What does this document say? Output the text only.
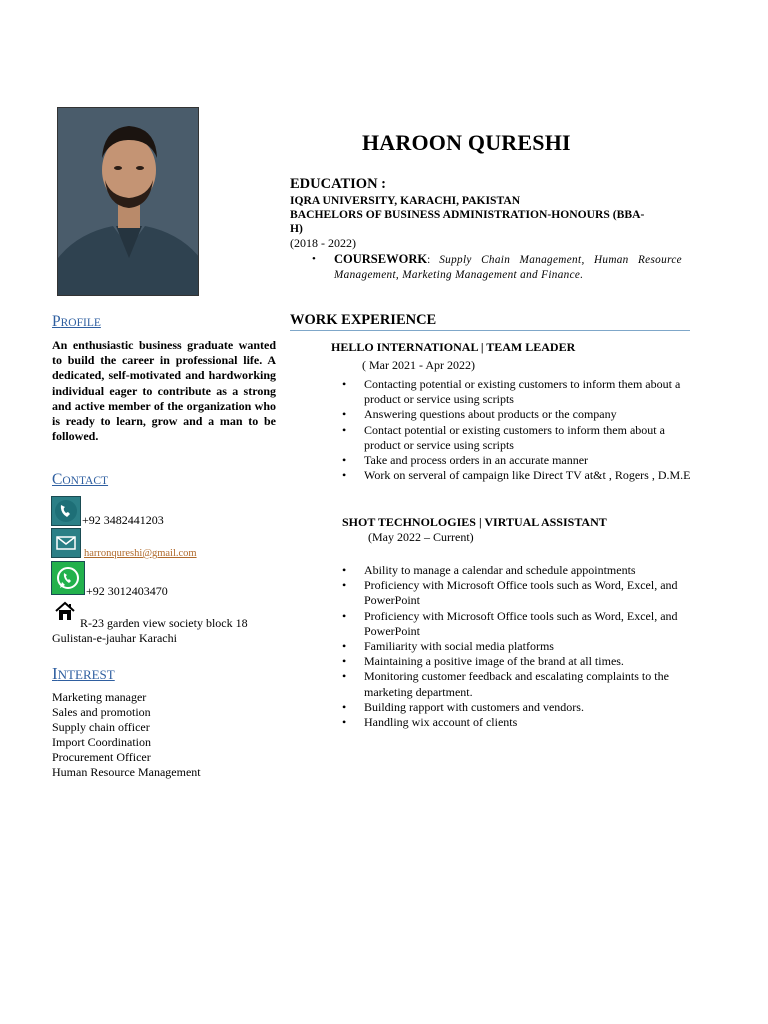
HAROON QURESHI
EDUCATION :
IQRA UNIVERSITY, KARACHI, PAKISTAN
BACHELORS OF BUSINESS ADMINISTRATION-HONOURS (BBA-
H)
(2018 - 2022)
• COURSEWORK: Supply Chain Management, Human Resource Management, Marketing Management and Finance.
PROFILE
An enthusiastic business graduate wanted to build the career in professional life. A dedicated, self-motivated and hardworking individual eager to contribute as a strong and active member of the organization who is ready to learn, grow and a man to be followed.
CONTACT
+92 3482441203
harronqureshi@gmail.com
+92 3012403470
R-23 garden view society block 18
Gulistan-e-jauhar Karachi
INTEREST
Marketing manager
Sales and promotion
Supply chain officer
Import Coordination
Procurement Officer
Human Resource Management
WORK EXPERIENCE
HELLO INTERNATIONAL | TEAM LEADER
( Mar 2021 - Apr 2022)
• Contacting potential or existing customers to inform them about a product or service using scripts
• Answering questions about products or the company
• Contact potential or existing customers to inform them about a product or service using scripts
• Take and process orders in an accurate manner
• Work on serveral of campaign like Direct TV at&t , Rogers , D.M.E
SHOT TECHNOLOGIES | VIRTUAL ASSISTANT
(May 2022 – Current)
• Ability to manage a calendar and schedule appointments
• Proficiency with Microsoft Office tools such as Word, Excel, and PowerPoint
• Proficiency with Microsoft Office tools such as Word, Excel, and PowerPoint
• Familiarity with social media platforms
• Maintaining a positive image of the brand at all times.
• Monitoring customer feedback and escalating complaints to the marketing department.
• Building rapport with customers and vendors.
• Handling wix account of clients
